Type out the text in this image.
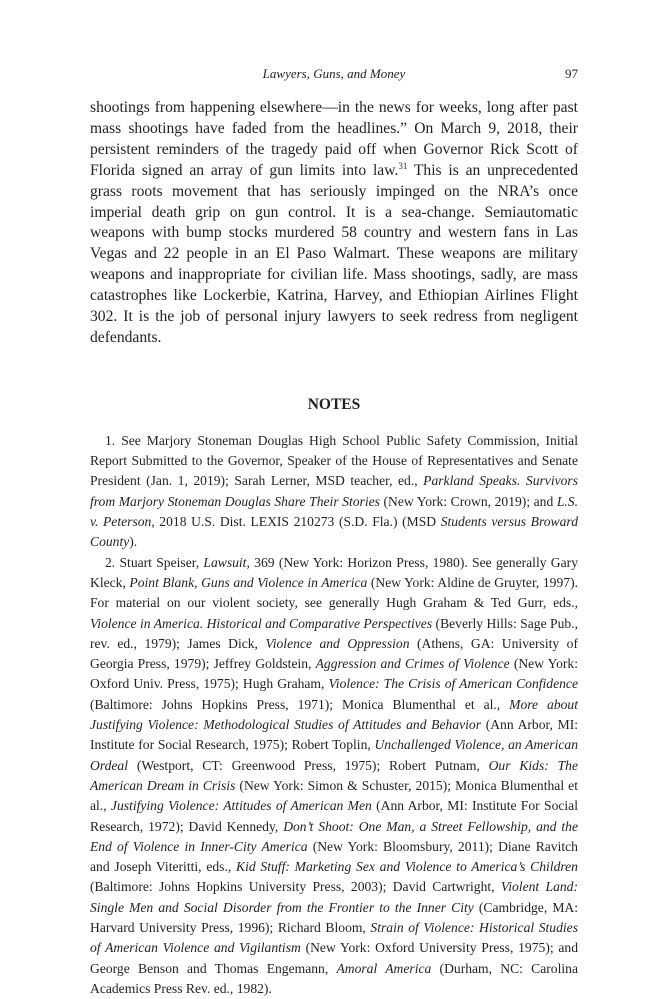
Lawyers, Guns, and Money	97

shootings from happening elsewhere—in the news for weeks, long after past mass shootings have faded from the headlines.” On March 9, 2018, their persistent reminders of the tragedy paid off when Governor Rick Scott of Florida signed an array of gun limits into law.$^{31}$ This is an unprecedented grass roots movement that has seriously impinged on the NRA’s once imperial death grip on gun control. It is a sea-change. Semiautomatic weapons with bump stocks murdered 58 country and western fans in Las Vegas and 22 people in an El Paso Walmart. These weapons are military weapons and inappropriate for civilian life. Mass shootings, sadly, are mass catastrophes like Lockerbie, Katrina, Harvey, and Ethiopian Airlines Flight 302. It is the job of personal injury lawyers to seek redress from negligent defendants.

NOTES

1. See Marjory Stoneman Douglas High School Public Safety Commission, Initial Report Submitted to the Governor, Speaker of the House of Representatives and Senate President (Jan. 1, 2019); Sarah Lerner, MSD teacher, ed., Parkland Speaks. Survivors from Marjory Stoneman Douglas Share Their Stories (New York: Crown, 2019); and L.S. v. Peterson, 2018 U.S. Dist. LEXIS 210273 (S.D. Fla.) (MSD Students versus Broward County).

2. Stuart Speiser, Lawsuit, 369 (New York: Horizon Press, 1980). See generally Gary Kleck, Point Blank, Guns and Violence in America (New York: Aldine de Gruyter, 1997). For material on our violent society, see generally Hugh Graham & Ted Gurr, eds., Violence in America. Historical and Comparative Perspectives (Beverly Hills: Sage Pub., rev. ed., 1979); James Dick, Violence and Oppression (Athens, GA: University of Georgia Press, 1979); Jeffrey Goldstein, Aggression and Crimes of Violence (New York: Oxford Univ. Press, 1975); Hugh Graham, Violence: The Crisis of American Confidence (Baltimore: Johns Hopkins Press, 1971); Monica Blumenthal et al., More about Justifying Violence: Methodological Studies of Attitudes and Behavior (Ann Arbor, MI: Institute for Social Research, 1975); Robert Toplin, Unchallenged Violence, an American Ordeal (Westport, CT: Greenwood Press, 1975); Robert Putnam, Our Kids: The American Dream in Crisis (New York: Simon & Schuster, 2015); Monica Blumenthal et al., Justifying Violence: Attitudes of American Men (Ann Arbor, MI: Institute For Social Research, 1972); David Kennedy, Don’t Shoot: One Man, a Street Fellowship, and the End of Violence in Inner-City America (New York: Bloomsbury, 2011); Diane Ravitch and Joseph Viteritti, eds., Kid Stuff: Marketing Sex and Violence to America’s Children (Baltimore: Johns Hopkins University Press, 2003); David Cartwright, Violent Land: Single Men and Social Disorder from the Frontier to the Inner City (Cambridge, MA: Harvard University Press, 1996); Richard Bloom, Strain of Violence: Historical Studies of American Violence and Vigilantism (New York: Oxford University Press, 1975); and George Benson and Thomas Engemann, Amoral America (Durham, NC: Carolina Academics Press Rev. ed., 1982).
